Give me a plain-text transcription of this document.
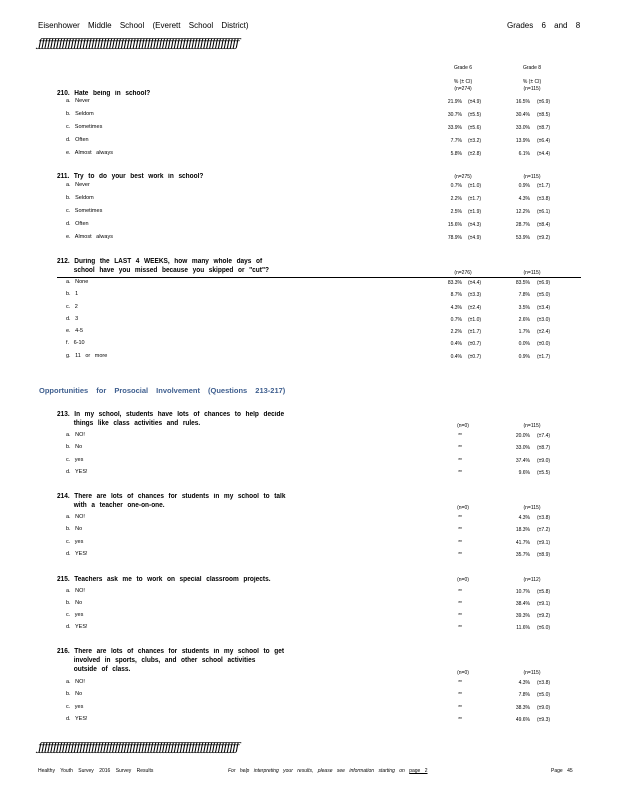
Eisenhower Middle School (Everett School District)	Grades 6 and 8
ƒƒƒƒƒƒƒƒƒƒƒƒƒƒƒƒƒƒƒƒƒƒƒƒƒƒƒƒƒƒƒƒƒƒƒƒƒƒƒƒƒƒƒƒƒƒƒƒƒƒƒƒƒƒƒƒƒƒƒƒƒƒƒƒƒƒƒƒ
Grade 6
% (± CI)
(n=274)
Grade 8
% (± CI)
(n=115)
210. Hate being in school?
a. Never	21.9% (±4.9)	16.5% (±6.9)
b. Seldom	30.7% (±5.5)	30.4% (±8.5)
c. Sometimes	33.9% (±5.6)	33.0% (±8.7)
d. Often	7.7% (±3.2)	13.9% (±6.4)
e. Almost always	5.8% (±2.8)	6.1% (±4.4)
211. Try to do your best work in school?	(n=275)	(n=115)
a. Never	0.7% (±1.0)	0.9% (±1.7)
b. Seldom	2.2% (±1.7)	4.3% (±3.8)
c. Sometimes	2.5% (±1.9)	12.2% (±6.1)
d. Often	15.6% (±4.3)	28.7% (±8.4)
e. Almost always	78.9% (±4.9)	53.9% (±9.2)
212. During the LAST 4 WEEKS, how many whole days of
school have you missed because you skipped or "cut"?	(n=276)	(n=115)
a. None	83.3% (±4.4)	83.5% (±6.9)
b. 1	8.7% (±3.3)	7.8% (±5.0)
c. 2	4.3% (±2.4)	3.5% (±3.4)
d. 3	0.7% (±1.0)	2.6% (±3.0)
e. 4-5	2.2% (±1.7)	1.7% (±2.4)
f. 6-10	0.4% (±0.7)	0.0% (±0.0)
g. 11 or more	0.4% (±0.7)	0.9% (±1.7)
Opportunities for Prosocial Involvement (Questions 213-217)
213. In my school, students have lots of chances to help decide
things like class activities and rules.	(n=0)	(n=115)
a. NO!	**	20.0% (±7.4)
b. No	**	33.0% (±8.7)
c. yes	**	37.4% (±9.0)
d. YES!	**	9.6% (±5.5)
214. There are lots of chances for students in my school to talk
with a teacher one-on-one.	(n=0)	(n=115)
a. NO!	**	4.3% (±3.8)
b. No	**	18.3% (±7.2)
c. yes	**	41.7% (±9.1)
d. YES!	**	35.7% (±8.9)
215. Teachers ask me to work on special classroom projects.	(n=0)	(n=112)
a. NO!	**	10.7% (±5.8)
b. No	**	38.4% (±9.1)
c. yes	**	39.3% (±9.2)
d. YES!	**	11.6% (±6.0)
216. There are lots of chances for students in my school to get
involved in sports, clubs, and other school activities
outside of class.	(n=0)	(n=115)
a. NO!	**	4.3% (±3.8)
b. No	**	7.8% (±5.0)
c. yes	**	38.3% (±9.0)
d. YES!	**	49.6% (±9.3)
ƒƒƒƒƒƒƒƒƒƒƒƒƒƒƒƒƒƒƒƒƒƒƒƒƒƒƒƒƒƒƒƒƒƒƒƒƒƒƒƒƒƒƒƒƒƒƒƒƒƒƒƒƒƒƒƒƒƒƒƒƒƒƒƒƒƒƒƒ
Healthy Youth Survey 2016 Survey Results	For help interpreting your results, please see information starting on page 2	Page 45
